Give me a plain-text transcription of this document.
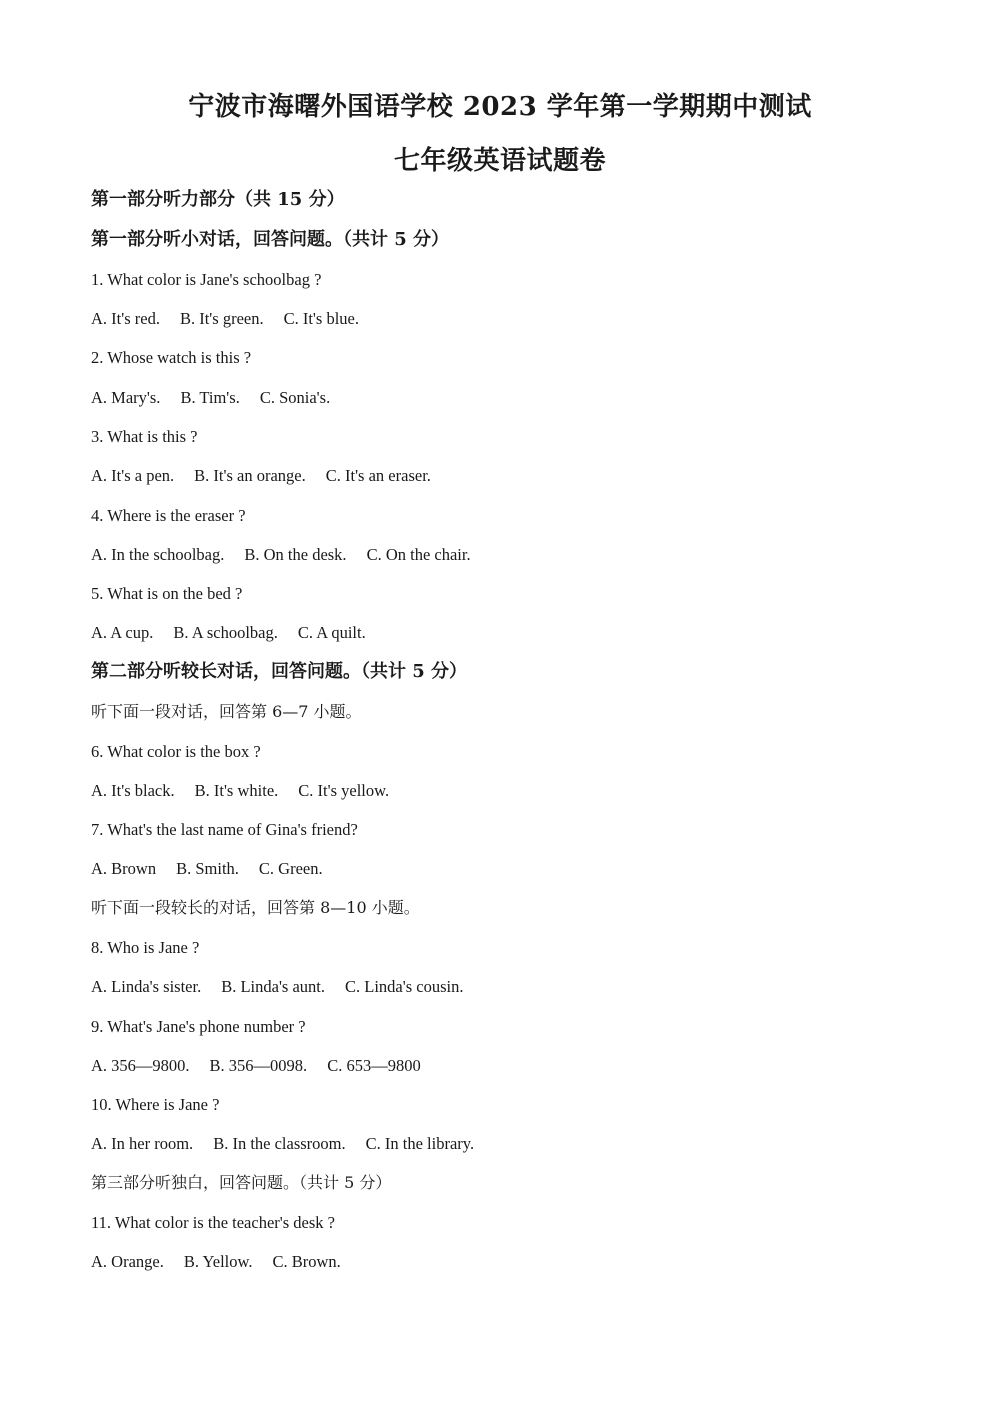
宁波市海曙外国语学校 2023 学年第一学期期中测试
七年级英语试题卷
第一部分听力部分（共 15 分）
第一部分听小对话，回答问题。（共计 5 分）
1. What color is Jane's schoolbag ?
A. It's red. B. It's green. C. It's blue.
2. Whose watch is this ?
A. Mary's. B. Tim's. C. Sonia's.
3. What is this ?
A. It's a pen. B. It's an orange. C. It's an eraser.
4. Where is the eraser ?
A. In the schoolbag. B. On the desk. C. On the chair.
5. What is on the bed ?
A. A cup. B. A schoolbag. C. A quilt.
第二部分听较长对话，回答问题。（共计 5 分）
听下面一段对话，回答第 6—7 小题。
6. What color is the box ?
A. It's black. B. It's white. C. It's yellow.
7. What's the last name of Gina's friend?
A. Brown B. Smith. C. Green.
听下面一段较长的对话，回答第 8—10 小题。
8. Who is Jane ?
A. Linda's sister. B. Linda's aunt. C. Linda's cousin.
9. What's Jane's phone number ?
A. 356—9800. B. 356—0098. C. 653—9800
10. Where is Jane ?
A. In her room. B. In the classroom. C. In the library.
第三部分听独白，回答问题。（共计 5 分）
11. What color is the teacher's desk ?
A. Orange. B. Yellow. C. Brown.
